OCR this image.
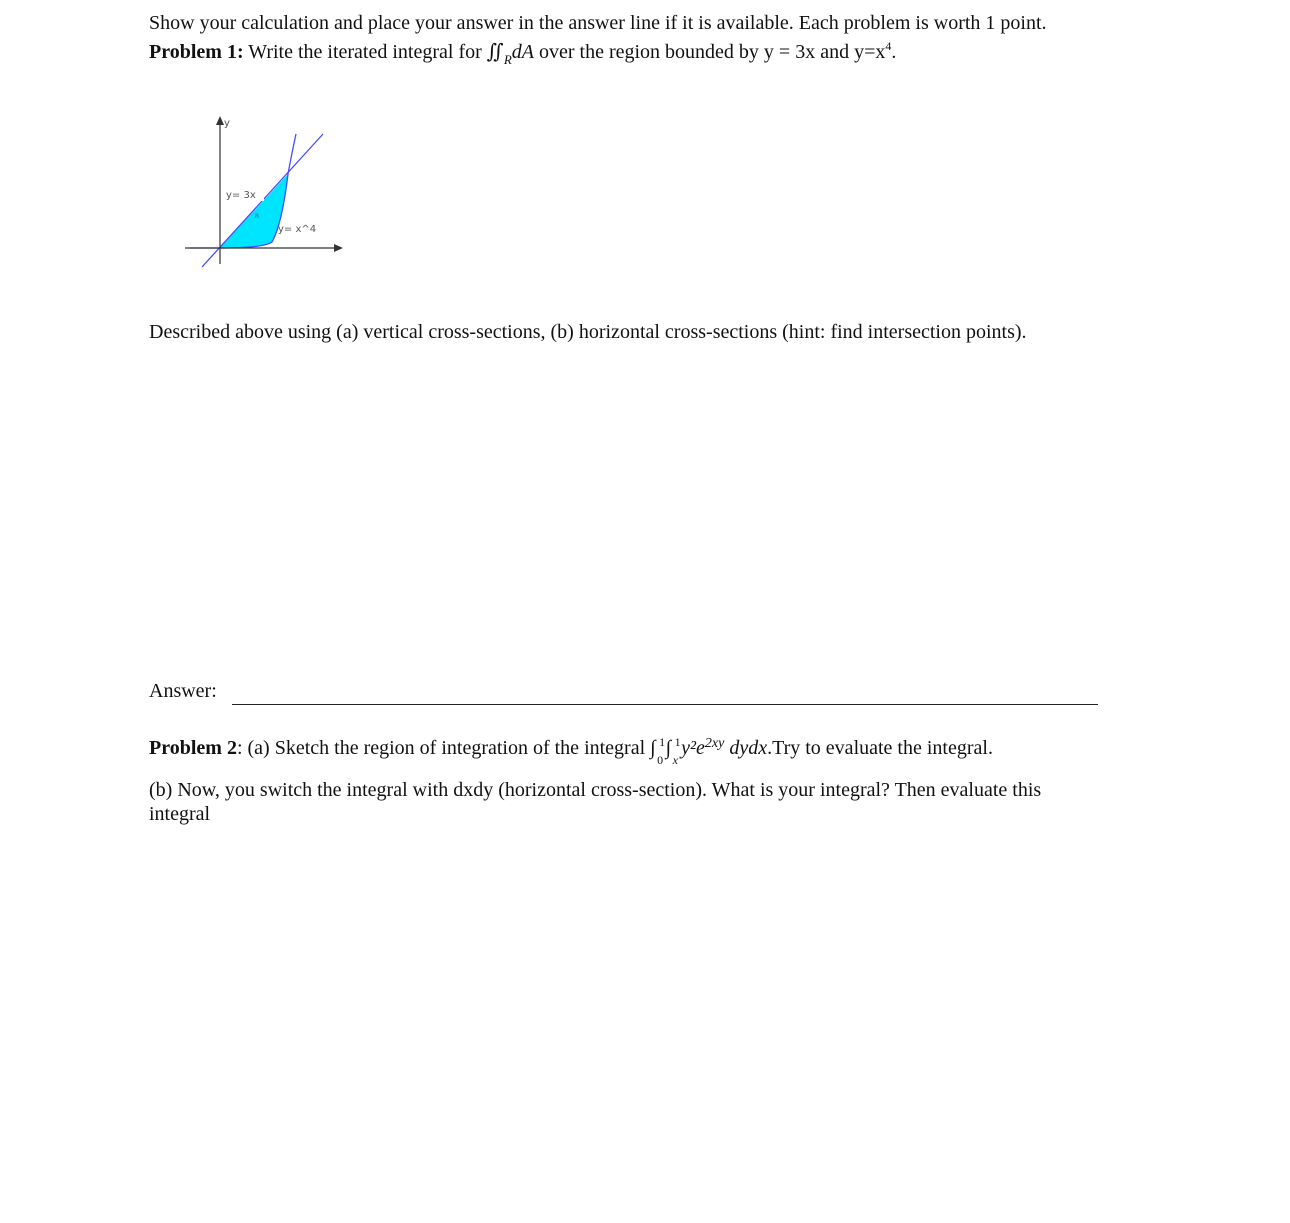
Show your calculation and place your answer in the answer line if it is available. Each problem is worth 1 point.
Problem 1: Write the iterated integral for $∬_RdA$ over the region bounded by y = 3x and $y=x^4$.
y
y= 3x
R
y= x^4
Described above using (a) vertical cross-sections, (b) horizontal cross-sections (hint: find intersection points).
Answer:
Problem 2: (a) Sketch the region of integration of the integral ∫ 1
0
∫ 1
x
$y^2e^{2xy}$ dydx.Try to evaluate the integral.
(b) Now, you switch the integral with dxdy (horizontal cross-section). What is your integral? Then evaluate this
integral
